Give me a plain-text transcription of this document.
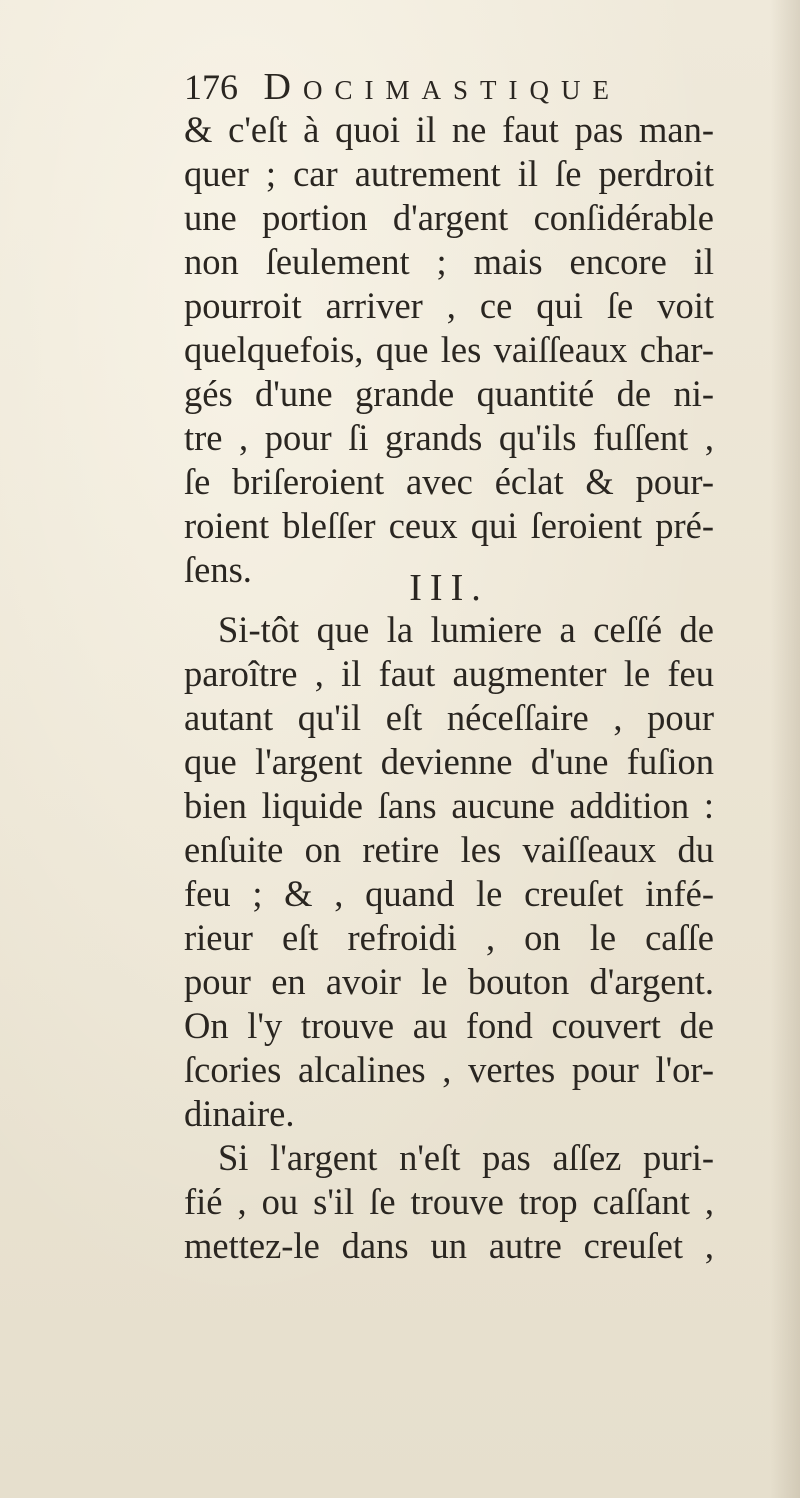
176 Docimastique
& c'eſt à quoi il ne faut pas man-
quer ; car autrement il ſe perdroit
une portion d'argent conſidérable
non ſeulement ; mais encore il
pourroit arriver , ce qui ſe voit
quelquefois, que les vaiſſeaux char-
gés d'une grande quantité de ni-
tre , pour ſi grands qu'ils fuſſent ,
ſe briſeroient avec éclat & pour-
roient bleſſer ceux qui ſeroient pré-
ſens.	III.
Si-tôt que la lumiere a ceſſé de
paroître , il faut augmenter le feu
autant qu'il eſt néceſſaire , pour
que l'argent devienne d'une fuſion
bien liquide ſans aucune addition :
enſuite on retire les vaiſſeaux du
feu ; & , quand le creuſet infé-
rieur eſt refroidi , on le caſſe
pour en avoir le bouton d'argent.
On l'y trouve au fond couvert de
ſcories alcalines , vertes pour l'or-
dinaire.
Si l'argent n'eſt pas aſſez puri-
fié , ou s'il ſe trouve trop caſſant ,
mettez-le dans un autre creuſet ,
